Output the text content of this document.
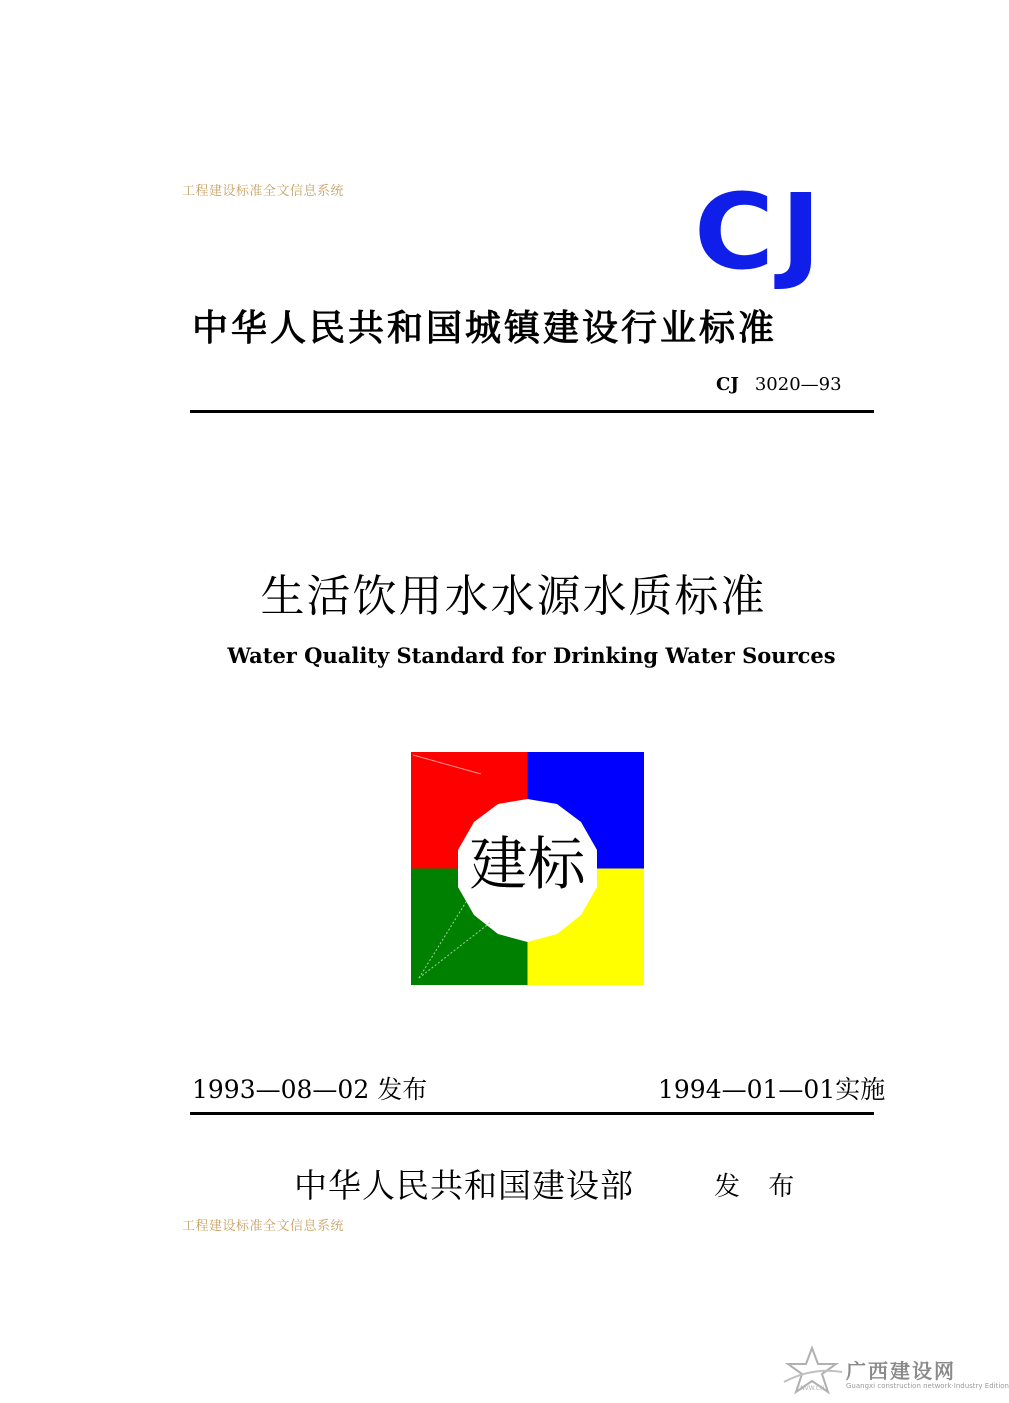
工程建设标准全文信息系统	CJ
中华人民共和国城镇建设行业标准
CJ 3020—93
生活饮用水水源水质标准
Water Quality Standard for Drinking Water Sources
建标
1993—08—02 发布	1994—01—01实施
中华人民共和国建设部	发 布
工程建设标准全文信息系统
CNVW.CN
广西建设网
Guangxi construction network·Industry Edition
